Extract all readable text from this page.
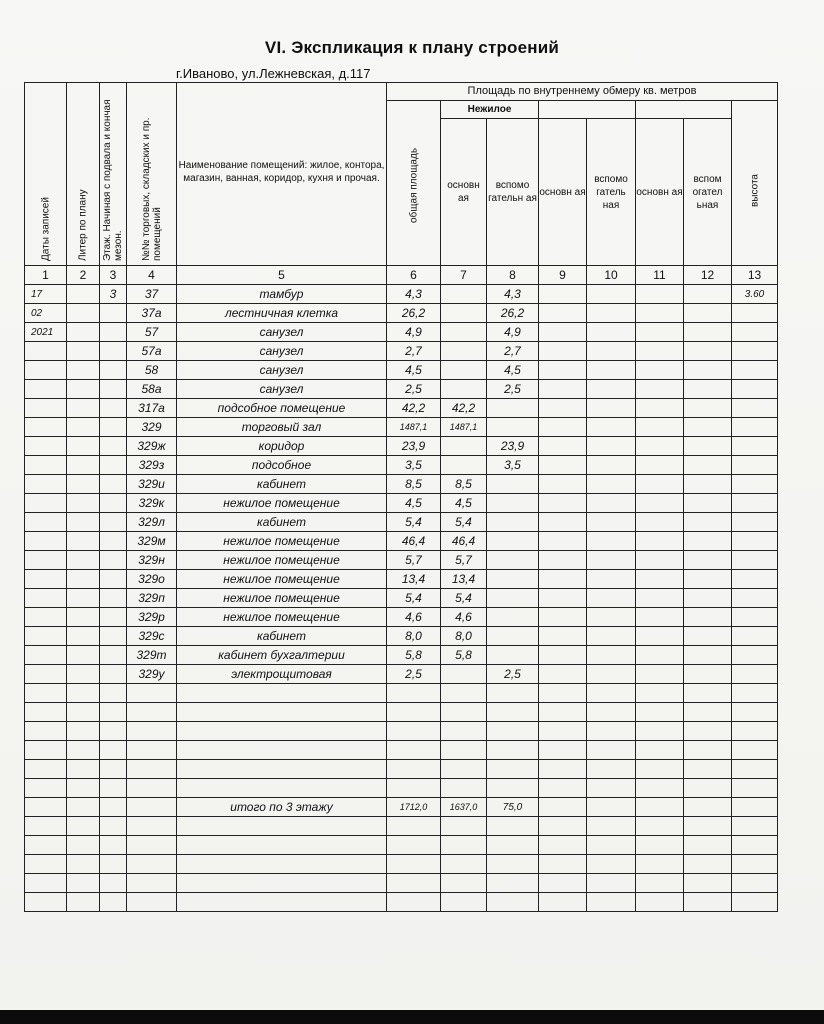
VI. Экспликация к плану строений
г.Иваново, ул.Лежневская, д.117
Даты записей	Литер по плану	Этаж. Начиная с подвала и кончая мезон.	№№ торговых, складских и пр. помещений	Наименование помещений: жилое, контора, магазин, ванная, коридор, кухня и прочая.	Площадь по внутреннему обмеру кв. метров							

					общая площадь	Нежилое						высота

						основн ая	вспомо гательн ая	основн ая	вспомо гатель ная	основн ая	вспом огател ьная	
1	2	3	4	5	6	7	8	9	10	11	12	13
17		3	37	тамбур	4,3		4,3					3.60
02			37а	лестничная клетка	26,2		26,2					
2021			57	санузел	4,9		4,9					
			57а	санузел	2,7		2,7					
			58	санузел	4,5		4,5					
			58а	санузел	2,5		2,5					
			317а	подсобное помещение	42,2	42,2						
			329	торговый зал	1487,1	1487,1						
			329ж	коридор	23,9		23,9					
			329з	подсобное	3,5		3,5					
			329и	кабинет	8,5	8,5						
			329к	нежилое помещение	4,5	4,5						
			329л	кабинет	5,4	5,4						
			329м	нежилое помещение	46,4	46,4						
			329н	нежилое помещение	5,7	5,7						
			329о	нежилое помещение	13,4	13,4						
			329п	нежилое помещение	5,4	5,4						
			329р	нежилое помещение	4,6	4,6						
			329с	кабинет	8,0	8,0						
			329т	кабинет бухгалтерии	5,8	5,8						
			329у	электрощитовая	2,5		2,5					

				итого по 3 этажу	1712,0	1637,0	75,0					
